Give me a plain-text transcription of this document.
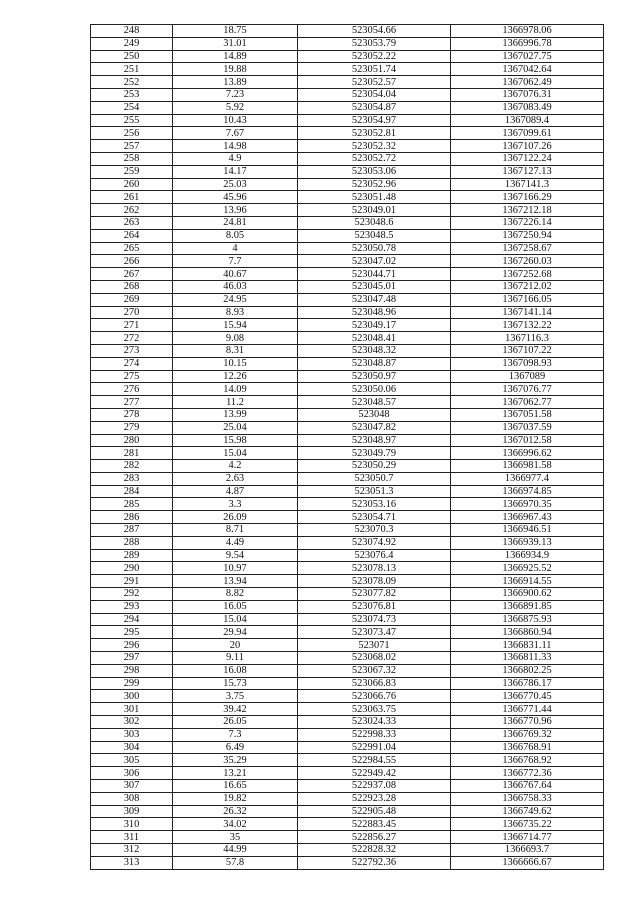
248	18.75	523054.66	1366978.06
249	31.01	523053.79	1366996.78
250	14.89	523052.22	1367027.75
251	19.88	523051.74	1367042.64
252	13.89	523052.57	1367062.49
253	7.23	523054.04	1367076.31
254	5.92	523054.87	1367083.49
255	10.43	523054.97	1367089.4
256	7.67	523052.81	1367099.61
257	14.98	523052.32	1367107.26
258	4.9	523052.72	1367122.24
259	14.17	523053.06	1367127.13
260	25.03	523052.96	1367141.3
261	45.96	523051.48	1367166.29
262	13.96	523049.01	1367212.18
263	24.81	523048.6	1367226.14
264	8.05	523048.5	1367250.94
265	4	523050.78	1367258.67
266	7.7	523047.02	1367260.03
267	40.67	523044.71	1367252.68
268	46.03	523045.01	1367212.02
269	24.95	523047.48	1367166.05
270	8.93	523048.96	1367141.14
271	15.94	523049.17	1367132.22
272	9.08	523048.41	1367116.3
273	8.31	523048.32	1367107.22
274	10.15	523048.87	1367098.93
275	12.26	523050.97	1367089
276	14.09	523050.06	1367076.77
277	11.2	523048.57	1367062.77
278	13.99	523048	1367051.58
279	25.04	523047.82	1367037.59
280	15.98	523048.97	1367012.58
281	15.04	523049.79	1366996.62
282	4.2	523050.29	1366981.58
283	2.63	523050.7	1366977.4
284	4.87	523051.3	1366974.85
285	3.3	523053.16	1366970.35
286	26.09	523054.71	1366967.43
287	8.71	523070.3	1366946.51
288	4.49	523074.92	1366939.13
289	9.54	523076.4	1366934.9
290	10.97	523078.13	1366925.52
291	13.94	523078.09	1366914.55
292	8.82	523077.82	1366900.62
293	16.05	523076.81	1366891.85
294	15.04	523074.73	1366875.93
295	29.94	523073.47	1366860.94
296	20	523071	1366831.11
297	9.11	523068.02	1366811.33
298	16.08	523067.32	1366802.25
299	15.73	523066.83	1366786.17
300	3.75	523066.76	1366770.45
301	39.42	523063.75	1366771.44
302	26.05	523024.33	1366770.96
303	7.3	522998.33	1366769.32
304	6.49	522991.04	1366768.91
305	35.29	522984.55	1366768.92
306	13.21	522949.42	1366772.36
307	16.65	522937.08	1366767.64
308	19.82	522923.28	1366758.33
309	26.32	522905.48	1366749.62
310	34.02	522883.45	1366735.22
311	35	522856.27	1366714.77
312	44.99	522828.32	1366693.7
313	57.8	522792.36	1366666.67
